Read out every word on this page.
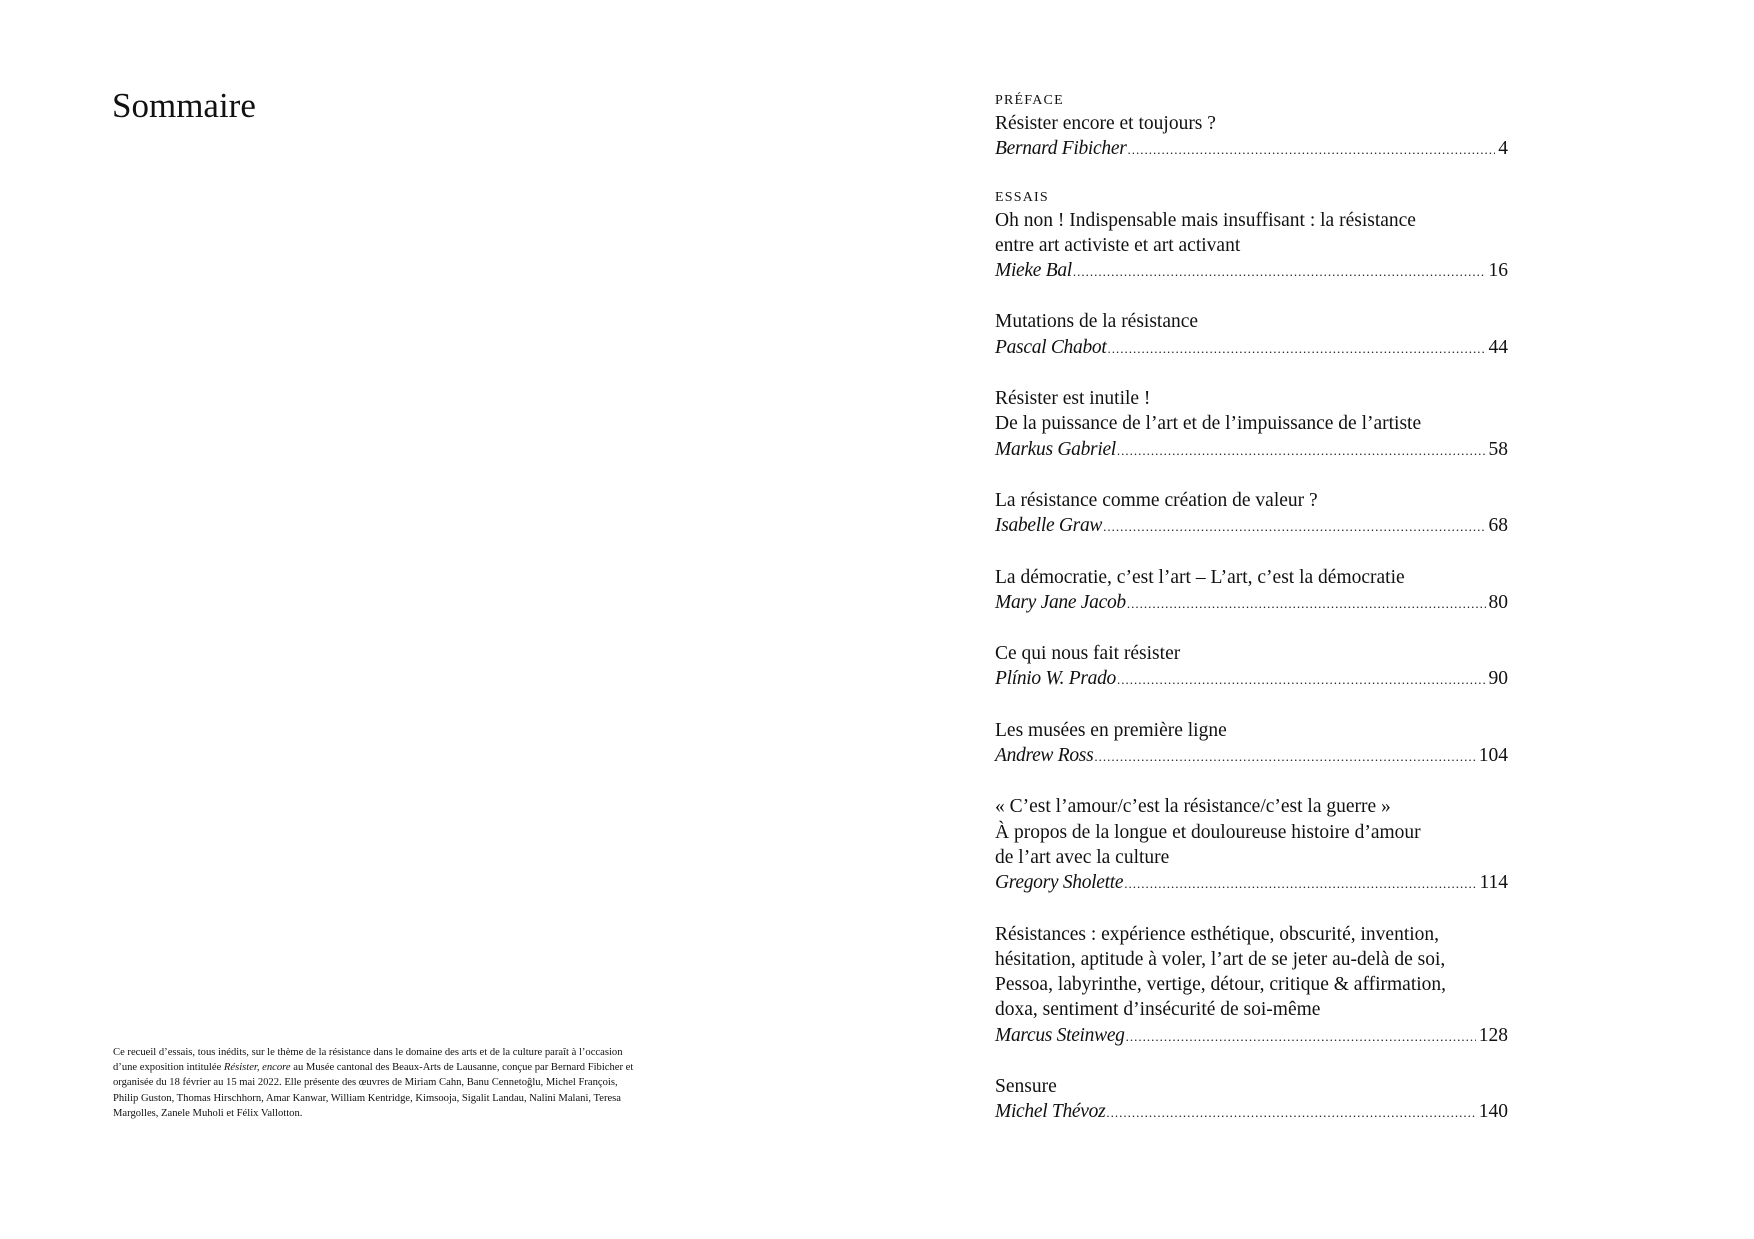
Sommaire
Ce recueil d’essais, tous inédits, sur le thème de la résistance dans le domaine des arts et de la culture paraît à l’occasion d’une exposition intitulée Résister, encore au Musée cantonal des Beaux-Arts de Lausanne, conçue par Bernard Fibicher et organisée du 18 février au 15 mai 2022. Elle présente des œuvres de Miriam Cahn, Banu Cennetoğlu, Michel François, Philip Guston, Thomas Hirschhorn, Amar Kanwar, William Kentridge, Kimsooja, Sigalit Landau, Nalini Malani, Teresa Margolles, Zanele Muholi et Félix Vallotton.
PRÉFACE
Résister encore et toujours ?
Bernard Fibicher .....	4
ESSAIS
Oh non ! Indispensable mais insuffisant : la résistance
entre art activiste et art activant
Mieke Bal .....	16
Mutations de la résistance
Pascal Chabot .....	44
Résister est inutile !
De la puissance de l’art et de l’impuissance de l’artiste
Markus Gabriel .....	58
La résistance comme création de valeur ?
Isabelle Graw .....	68
La démocratie, c’est l’art – L’art, c’est la démocratie
Mary Jane Jacob .....	80
Ce qui nous fait résister
Plínio W. Prado .....	90
Les musées en première ligne
Andrew Ross .....	104
« C’est l’amour/c’est la résistance/c’est la guerre »
À propos de la longue et douloureuse histoire d’amour
de l’art avec la culture
Gregory Sholette .....	114
Résistances : expérience esthétique, obscurité, invention,
hésitation, aptitude à voler, l’art de se jeter au-delà de soi,
Pessoa, labyrinthe, vertige, détour, critique & affirmation,
doxa, sentiment d’insécurité de soi-même
Marcus Steinweg .....	128
Sensure
Michel Thévoz .....	140
